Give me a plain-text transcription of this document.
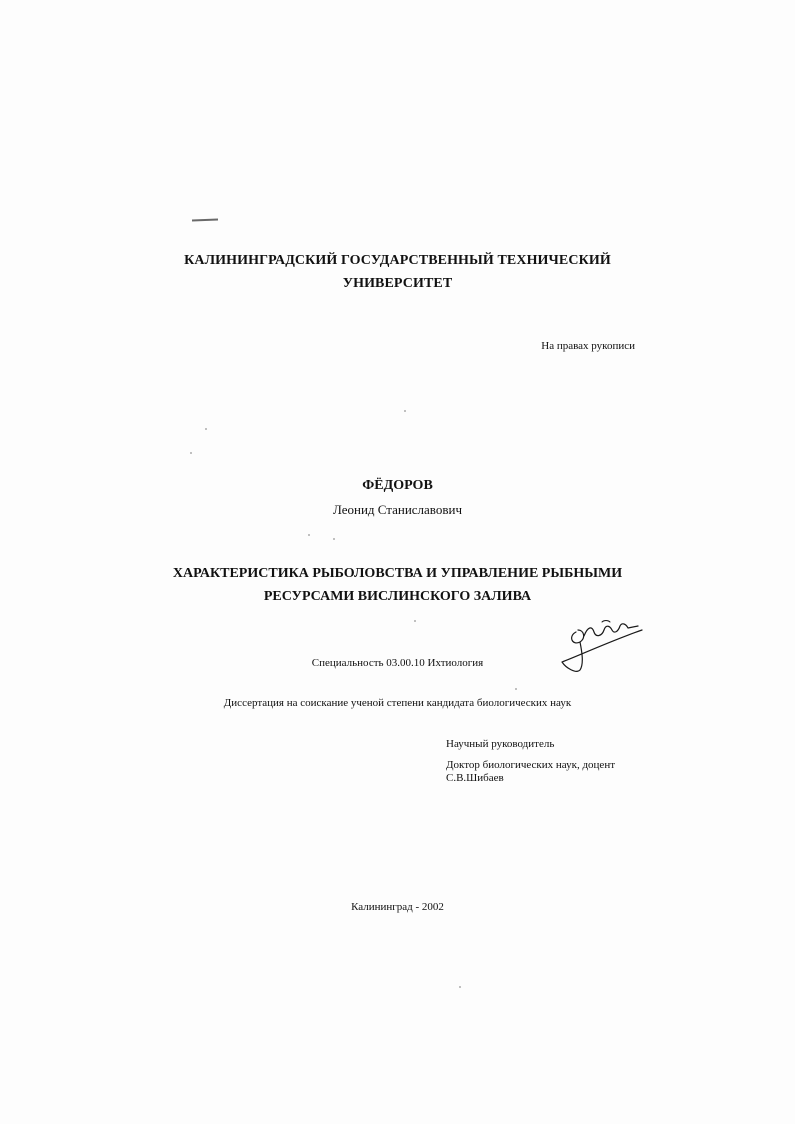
КАЛИНИНГРАДСКИЙ ГОСУДАРСТВЕННЫЙ ТЕХНИЧЕСКИЙ
УНИВЕРСИТЕТ
На правах рукописи
ФЁДОРОВ
Леонид Станиславович
ХАРАКТЕРИСТИКА РЫБОЛОВСТВА И УПРАВЛЕНИЕ РЫБНЫМИ
РЕСУРСАМИ ВИСЛИНСКОГО ЗАЛИВА
Специальность 03.00.10 Ихтиология
Диссертация на соискание ученой степени кандидата биологических наук
Научный руководитель
Доктор биологических наук, доцент
С.В.Шибаев
Калининград - 2002
